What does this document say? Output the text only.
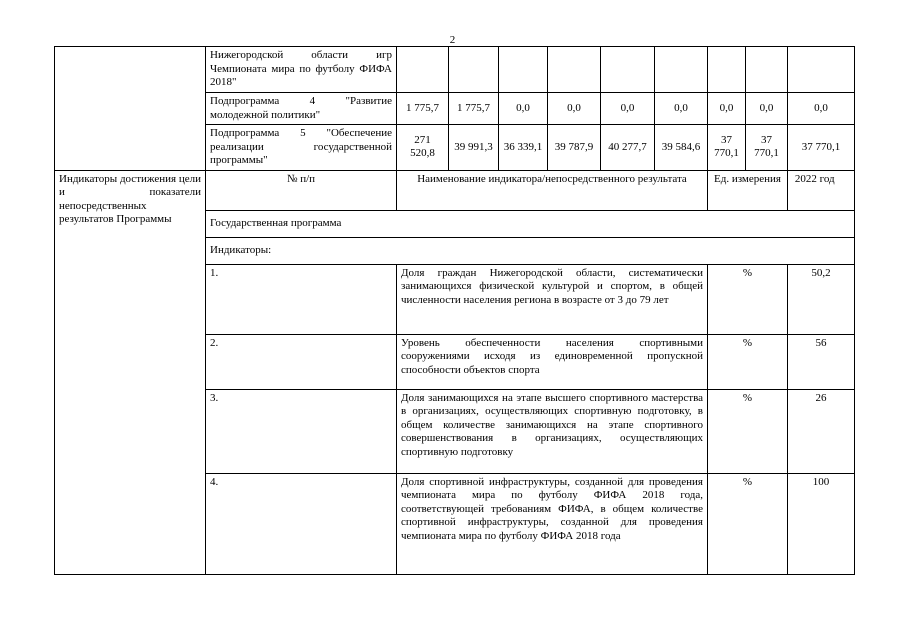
2
	Нижегородской области игр Чемпионата мира по футболу ФИФА 2018"										
	Подпрограмма 4 "Развитие молодежной политики"	1 775,7	1 775,7	0,0	0,0	0,0	0,0	0,0	0,0	0,0	
	Подпрограмма 5 "Обеспечение реализации государственной программы"	271 520,8	39 991,3	36 339,1	39 787,9	40 277,7	39 584,6	37 770,1	37 770,1	37 770,1	
Индикаторы достижения цели и показатели непосредственных результатов Программы	№ п/п	Наименование индикатора/непосредственного результата						Ед. измерения		2022 год	
	Государственная программа										
	Индикаторы:										
	1.	Доля граждан Нижегородской области, систематически занимающихся физической культурой и спортом, в общей численности населения региона в возрасте от 3 до 79 лет						%		50,2	
	2.	Уровень обеспеченности населения спортивными сооружениями исходя из единовременной пропускной способности объектов спорта						%		56	
	3.	Доля занимающихся на этапе высшего спортивного мастерства в организациях, осуществляющих спортивную подготовку, в общем количестве занимающихся на этапе спортивного совершенствования в организациях, осуществляющих спортивную подготовку						%		26	
	4.	Доля спортивной инфраструктуры, созданной для проведения чемпионата мира по футболу ФИФА 2018 года, соответствующей требованиям ФИФА, в общем количестве спортивной инфраструктуры, созданной для проведения чемпионата мира по футболу ФИФА 2018 года						%		100	
